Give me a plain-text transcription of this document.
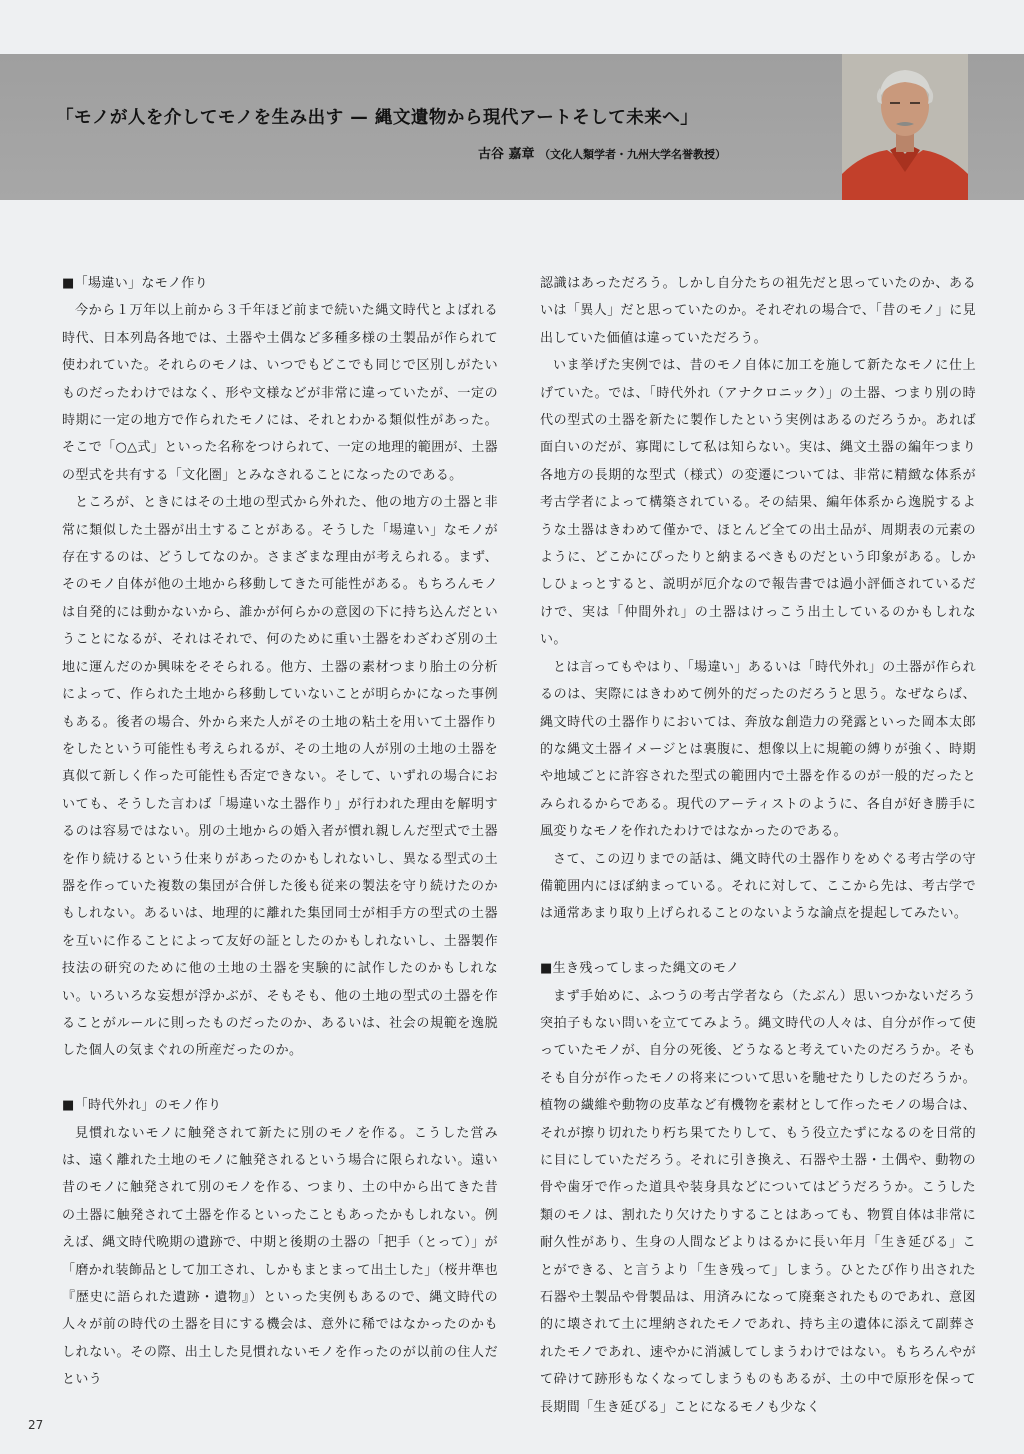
「モノが人を介してモノを生み出す — 縄文遺物から現代アートそして未来へ」
古谷 嘉章 （文化人類学者・九州大学名誉教授）
■「場違い」なモノ作り

今から１万年以上前から３千年ほど前まで続いた縄文時代とよばれる時代、日本列島各地では、土器や土偶など多種多様の土製品が作られて使われていた。それらのモノは、いつでもどこでも同じで区別しがたいものだったわけではなく、形や文様などが非常に違っていたが、一定の時期に一定の地方で作られたモノには、それとわかる類似性があった。そこで「○△式」といった名称をつけられて、一定の地理的範囲が、土器の型式を共有する「文化圏」とみなされることになったのである。

ところが、ときにはその土地の型式から外れた、他の地方の土器と非常に類似した土器が出土することがある。そうした「場違い」なモノが存在するのは、どうしてなのか。さまざまな理由が考えられる。まず、そのモノ自体が他の土地から移動してきた可能性がある。もちろんモノは自発的には動かないから、誰かが何らかの意図の下に持ち込んだということになるが、それはそれで、何のために重い土器をわざわざ別の土地に運んだのか興味をそそられる。他方、土器の素材つまり胎土の分析によって、作られた土地から移動していないことが明らかになった事例もある。後者の場合、外から来た人がその土地の粘土を用いて土器作りをしたという可能性も考えられるが、その土地の人が別の土地の土器を真似て新しく作った可能性も否定できない。そして、いずれの場合においても、そうした言わば「場違いな土器作り」が行われた理由を解明するのは容易ではない。別の土地からの婚入者が慣れ親しんだ型式で土器を作り続けるという仕来りがあったのかもしれないし、異なる型式の土器を作っていた複数の集団が合併した後も従来の製法を守り続けたのかもしれない。あるいは、地理的に離れた集団同士が相手方の型式の土器を互いに作ることによって友好の証としたのかもしれないし、土器製作技法の研究のために他の土地の土器を実験的に試作したのかもしれない。いろいろな妄想が浮かぶが、そもそも、他の土地の型式の土器を作ることがルールに則ったものだったのか、あるいは、社会の規範を逸脱した個人の気まぐれの所産だったのか。

■「時代外れ」のモノ作り

見慣れないモノに触発されて新たに別のモノを作る。こうした営みは、遠く離れた土地のモノに触発されるという場合に限られない。遠い昔のモノに触発されて別のモノを作る、つまり、土の中から出てきた昔の土器に触発されて土器を作るといったこともあったかもしれない。例えば、縄文時代晩期の遺跡で、中期と後期の土器の「把手（とって）」が「磨かれ装飾品として加工され、しかもまとまって出土した」（桜井準也『歴史に語られた遺跡・遺物』）といった実例もあるので、縄文時代の人々が前の時代の土器を目にする機会は、意外に稀ではなかったのかもしれない。その際、出土した見慣れないモノを作ったのが以前の住人だという

認識はあっただろう。しかし自分たちの祖先だと思っていたのか、あるいは「異人」だと思っていたのか。それぞれの場合で、「昔のモノ」に見出していた価値は違っていただろう。

いま挙げた実例では、昔のモノ自体に加工を施して新たなモノに仕上げていた。では、「時代外れ（アナクロニック）」の土器、つまり別の時代の型式の土器を新たに製作したという実例はあるのだろうか。あれば面白いのだが、寡聞にして私は知らない。実は、縄文土器の編年つまり各地方の長期的な型式（様式）の変遷については、非常に精緻な体系が考古学者によって構築されている。その結果、編年体系から逸脱するような土器はきわめて僅かで、ほとんど全ての出土品が、周期表の元素のように、どこかにぴったりと納まるべきものだという印象がある。しかしひょっとすると、説明が厄介なので報告書では過小評価されているだけで、実は「仲間外れ」の土器はけっこう出土しているのかもしれない。

とは言ってもやはり、「場違い」あるいは「時代外れ」の土器が作られるのは、実際にはきわめて例外的だったのだろうと思う。なぜならば、縄文時代の土器作りにおいては、奔放な創造力の発露といった岡本太郎的な縄文土器イメージとは裏腹に、想像以上に規範の縛りが強く、時期や地域ごとに許容された型式の範囲内で土器を作るのが一般的だったとみられるからである。現代のアーティストのように、各自が好き勝手に風変りなモノを作れたわけではなかったのである。

さて、この辺りまでの話は、縄文時代の土器作りをめぐる考古学の守備範囲内にほぼ納まっている。それに対して、ここから先は、考古学では通常あまり取り上げられることのないような論点を提起してみたい。

■生き残ってしまった縄文のモノ

まず手始めに、ふつうの考古学者なら（たぶん）思いつかないだろう突拍子もない問いを立ててみよう。縄文時代の人々は、自分が作って使っていたモノが、自分の死後、どうなると考えていたのだろうか。そもそも自分が作ったモノの将来について思いを馳せたりしたのだろうか。植物の繊維や動物の皮革など有機物を素材として作ったモノの場合は、それが擦り切れたり朽ち果てたりして、もう役立たずになるのを日常的に目にしていただろう。それに引き換え、石器や土器・土偶や、動物の骨や歯牙で作った道具や装身具などについてはどうだろうか。こうした類のモノは、割れたり欠けたりすることはあっても、物質自体は非常に耐久性があり、生身の人間などよりはるかに長い年月「生き延びる」ことができる、と言うより「生き残って」しまう。ひとたび作り出された石器や土製品や骨製品は、用済みになって廃棄されたものであれ、意図的に壊されて土に埋納されたモノであれ、持ち主の遺体に添えて副葬されたモノであれ、速やかに消滅してしまうわけではない。もちろんやがて砕けて跡形もなくなってしまうものもあるが、土の中で原形を保って長期間「生き延びる」ことになるモノも少なく

27
